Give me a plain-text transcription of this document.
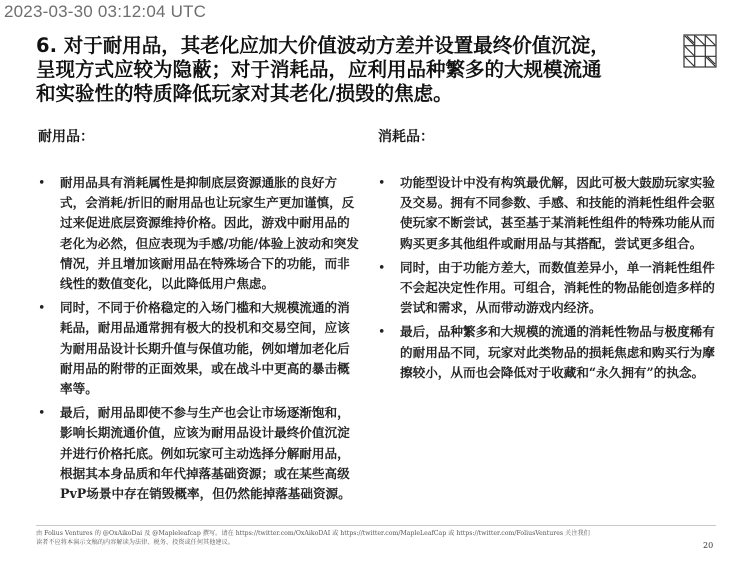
2023-03-30 03:12:04 UTC
6. 对于耐用品，其老化应加大价值波动方差并设置最终价值沉淀，呈现方式应较为隐蔽；对于消耗品，应利用品种繁多的大规模流通和实验性的特质降低玩家对其老化/损毁的焦虑。
耐用品：
• 耐用品具有消耗属性是抑制底层资源通胀的良好方式，会消耗/折旧的耐用品也让玩家生产更加谨慎，反过来促进底层资源维持价格。因此，游戏中耐用品的老化为必然，但应表现为手感/功能/体验上波动和突发情况，并且增加该耐用品在特殊场合下的功能，而非线性的数值变化，以此降低用户焦虑。
• 同时，不同于价格稳定的入场门槛和大规模流通的消耗品，耐用品通常拥有极大的投机和交易空间，应该为耐用品设计长期升值与保值功能，例如增加老化后耐用品的附带的正面效果，或在战斗中更高的暴击概率等。
• 最后，耐用品即使不参与生产也会让市场逐渐饱和，影响长期流通价值，应该为耐用品设计最终价值沉淀并进行价格托底。例如玩家可主动选择分解耐用品，根据其本身品质和年代掉落基础资源；或在某些高级PvP场景中存在销毁概率，但仍然能掉落基础资源。
消耗品：
• 功能型设计中没有构筑最优解，因此可极大鼓励玩家实验及交易。拥有不同参数、手感、和技能的消耗性组件会驱使玩家不断尝试，甚至基于某消耗性组件的特殊功能从而购买更多其他组件或耐用品与其搭配，尝试更多组合。
• 同时，由于功能方差大，而数值差异小，单一消耗性组件不会起决定性作用。可组合，消耗性的物品能创造多样的尝试和需求，从而带动游戏内经济。
• 最后，品种繁多和大规模的流通的消耗性物品与极度稀有的耐用品不同，玩家对此类物品的损耗焦虑和购买行为摩擦较小，从而也会降低对于收藏和“永久拥有”的执念。
由 Folius Ventures 的 @OxAikoDai 及 @Mapleleafcap 撰写。请在 https://twitter.com/OxAikoDAI 或 https://twitter.com/MapleLeafCap 或 https://twitter.com/FoliusVentures 关注我们
读者不应将本演示文稿的内容解读为法律、税务、投资或任何其他建议。	20
